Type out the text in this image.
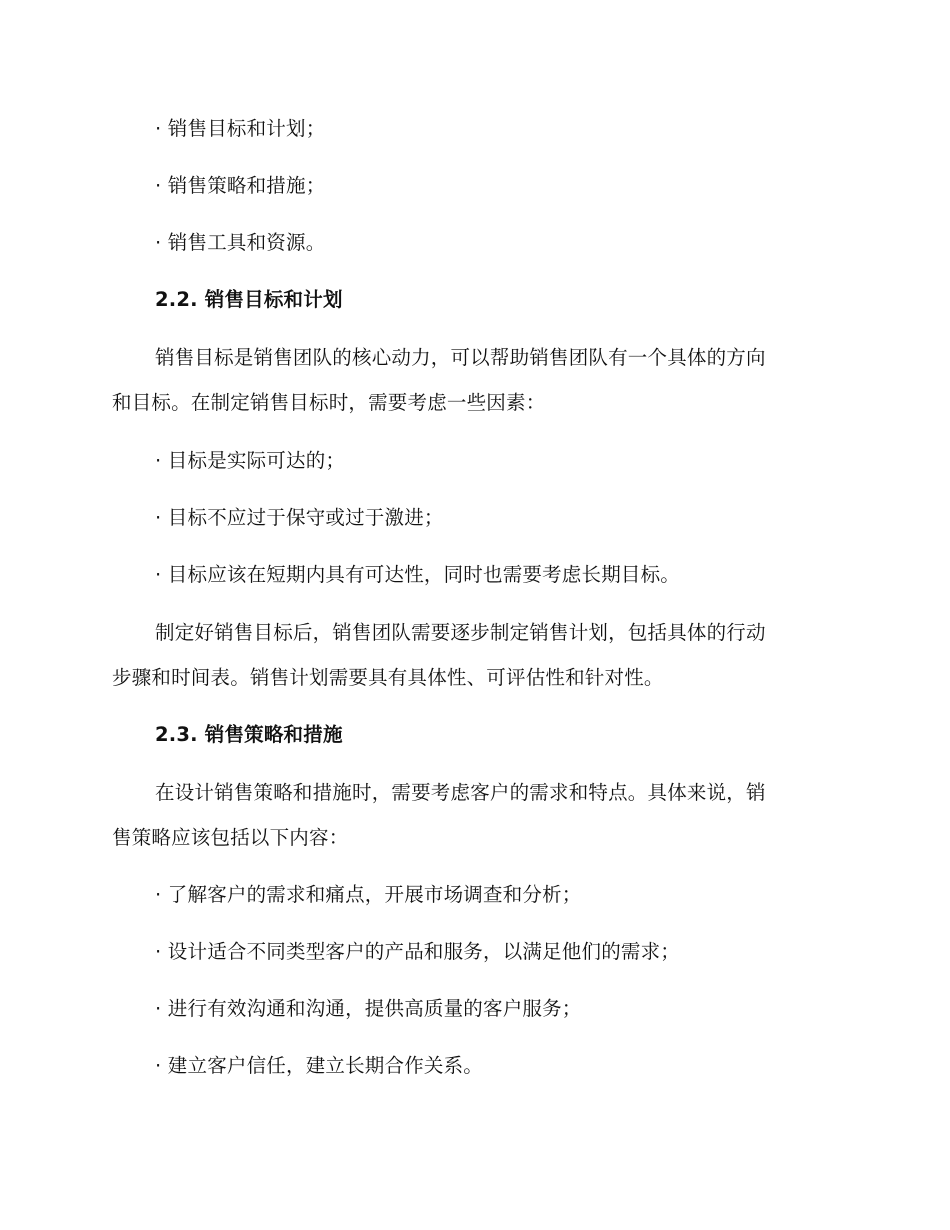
· 销售目标和计划；
· 销售策略和措施；
· 销售工具和资源。
2.2. 销售目标和计划
销售目标是销售团队的核心动力，可以帮助销售团队有一个具体的方向
和目标。在制定销售目标时，需要考虑一些因素：
· 目标是实际可达的；
· 目标不应过于保守或过于激进；
· 目标应该在短期内具有可达性，同时也需要考虑长期目标。
制定好销售目标后，销售团队需要逐步制定销售计划，包括具体的行动
步骤和时间表。销售计划需要具有具体性、可评估性和针对性。
2.3. 销售策略和措施
在设计销售策略和措施时，需要考虑客户的需求和特点。具体来说，销
售策略应该包括以下内容：
· 了解客户的需求和痛点，开展市场调查和分析；
· 设计适合不同类型客户的产品和服务，以满足他们的需求；
· 进行有效沟通和沟通，提供高质量的客户服务；
· 建立客户信任，建立长期合作关系。
